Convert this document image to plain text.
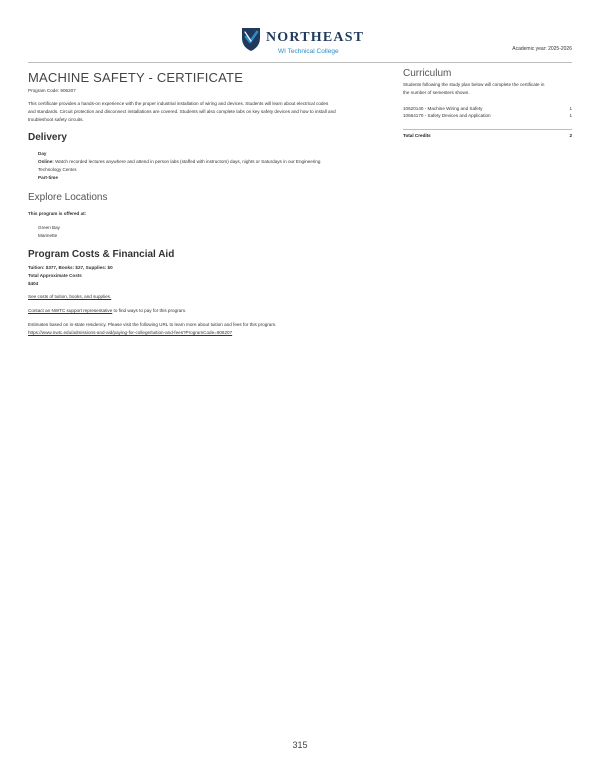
NORTHEAST
WI Technical College	Academic year: 2025-2026
MACHINE SAFETY - CERTIFICATE
Program Code: 906207
This certificate provides a hands-on experience with the proper industrial installation of wiring and devices. Students will learn about electrical codes
and standards. Circuit protection and disconnect installations are covered. Students will also complete labs on key safety devices and how to install and
troubleshoot safety circuits.
Delivery
Day
Online: Watch recorded lectures anywhere and attend in person labs (staffed with instructors) days, nights or Saturdays in our Engineering
Technology Center.
Part-time
Explore Locations
This program is offered at:
Green Bay
Marinette
Program Costs & Financial Aid
Tuition: $377, Books: $27, Supplies: $0
Total Approximate Costs
$404
See costs of tuition, books, and supplies.
Contact an NWTC support representative to find ways to pay for this program.
Estimates based on in-state residency. Please visit the following URL to learn more about tuition and fees for this program.
https://www.nwtc.edu/admissions-and-aid/paying-for-college/tuition-and-fees?ProgramCode=906207
Curriculum
Students following the study plan below will complete the certificate in
the number of semesters shown.
10620140 - Machine Wiring and Safety	1
10664170 - Safety Devices and Application	1
Total Credits	2
315
